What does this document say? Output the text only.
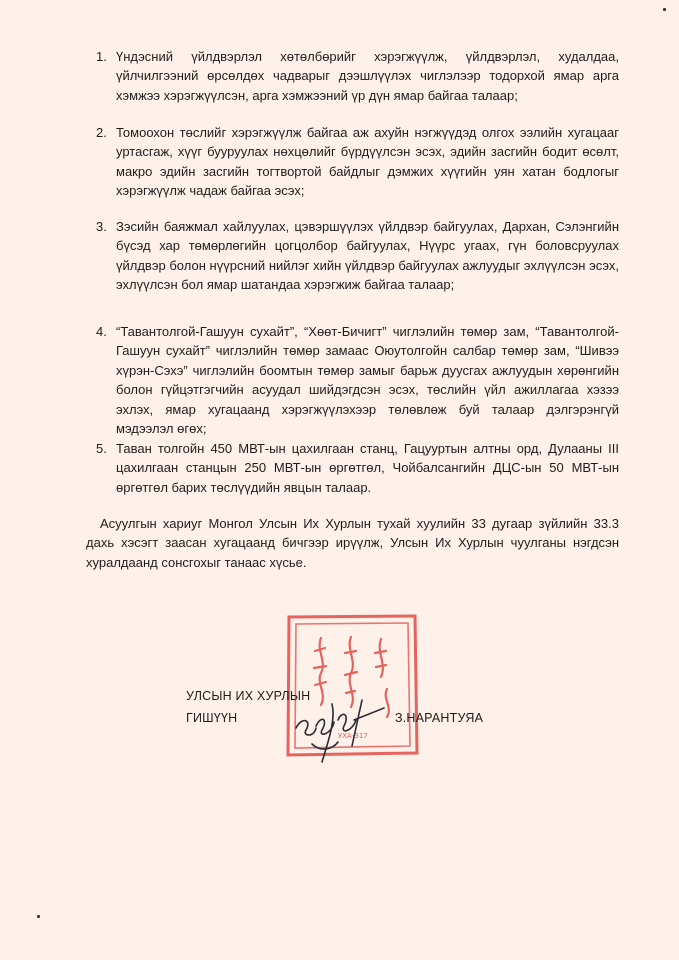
1. Үндэсний үйлдвэрлэл хөтөлбөрийг хэрэгжүүлж, үйлдвэрлэл, худалдаа, үйлчилгээний өрсөлдөх чадварыг дээшлүүлэх чиглэлээр тодорхой ямар арга хэмжээ хэрэгжүүлсэн, арга хэмжээний үр дүн ямар байгаа талаар;

2. Томоохон төслийг хэрэгжүүлж байгаа аж ахуйн нэгжүүдэд олгох ээлийн хугацааг уртасгаж, хүүг бууруулах нөхцөлийг бүрдүүлсэн эсэх, эдийн засгийн бодит өсөлт, макро эдийн засгийн тогтвортой байдлыг дэмжих хүүгийн уян хатан бодлогыг хэрэгжүүлж чадаж байгаа эсэх;

3. Зэсийн баяжмал хайлуулах, цэвэршүүлэх үйлдвэр байгуулах, Дархан, Сэлэнгийн бүсэд хар төмөрлөгийн цогцолбор байгуулах, Нүүрс угаах, гүн боловсруулах үйлдвэр болон нүүрсний нийлэг хийн үйлдвэр байгуулах ажлуудыг эхлүүлсэн эсэх, эхлүүлсэн бол ямар шатандаа хэрэгжиж байгаа талаар;

4. “Тавантолгой-Гашуун сухайт”, “Хөөт-Бичигт” чиглэлийн төмөр зам, “Тавантолгой-Гашуун сухайт” чиглэлийн төмөр замаас Оюутолгойн салбар төмөр зам, “Шивээ хүрэн-Сэхэ” чиглэлийн боомтын төмөр замыг барьж дуусгах ажлуудын хөрөнгийн болон гүйцэтгэгчийн асуудал шийдэгдсэн эсэх, төслийн үйл ажиллагаа хэзээ эхлэх, ямар хугацаанд хэрэгжүүлэхээр төлөвлөж буй талаар дэлгэрэнгүй мэдээлэл өгөх;

5. Таван толгойн 450 МВТ-ын цахилгаан станц, Гацууртын алтны орд, Дулааны III цахилгаан станцын 250 МВТ-ын өргөтгөл, Чойбалсангийн ДЦС-ын 50 МВТ-ын өргөтгөл барих төслүүдийн явцын талаар.

Асуулгын хариуг Монгол Улсын Их Хурлын тухай хуулийн 33 дугаар зүйлийн 33.3 дахь хэсэгт заасан хугацаанд бичгээр ирүүлж, Улсын Их Хурлын чуулганы нэгдсэн хуралдаанд сонсгохыг танаас хүсье.

УХА-317
УЛСЫН ИХ ХУРЛЫН
ГИШҮҮН	З.НАРАНТУЯА
